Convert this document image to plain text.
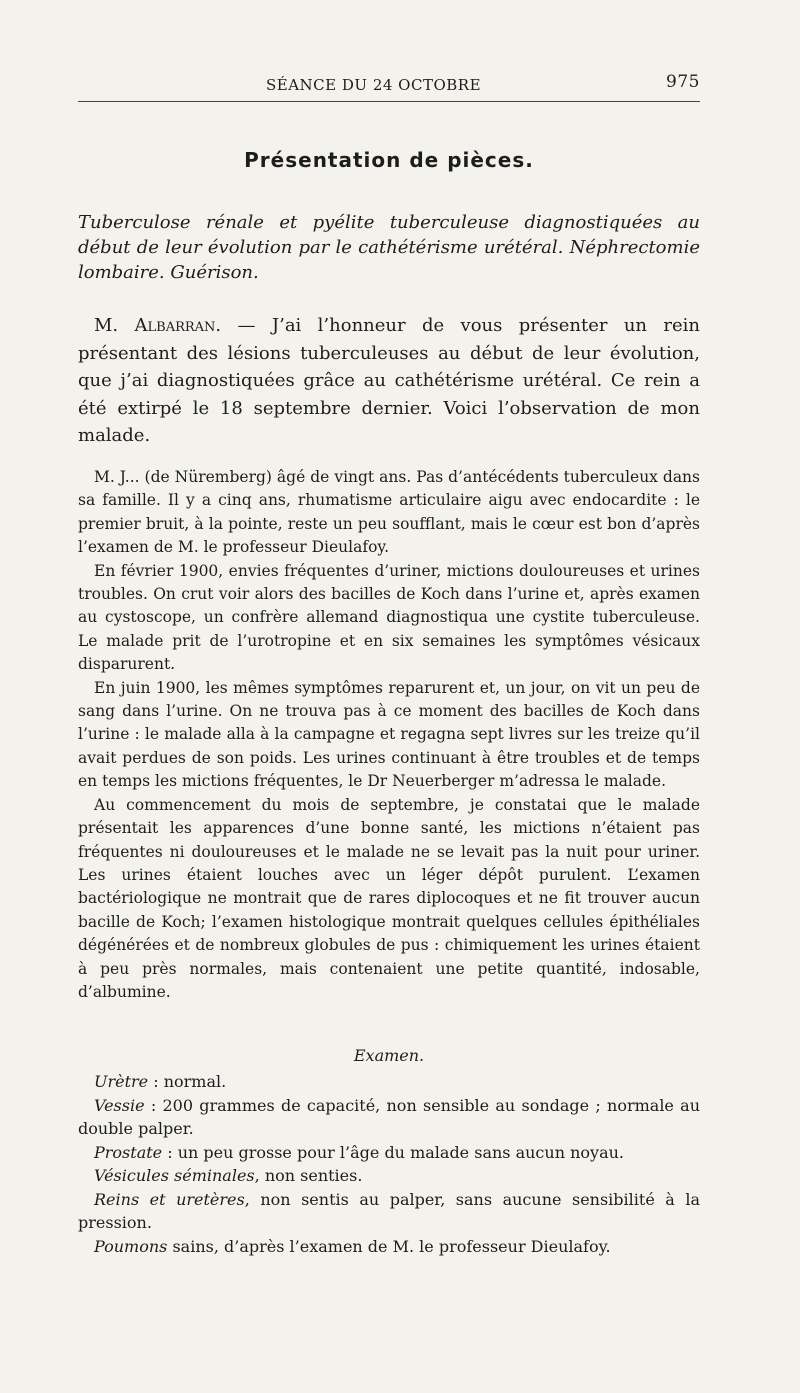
SÉANCE DU 24 OCTOBRE	975
Présentation de pièces.
Tuberculose rénale et pyélite tuberculeuse diagnostiquées au début de leur évolution par le cathétérisme urétéral. Néphrectomie lombaire. Guérison.
M. Albarran. — J’ai l’honneur de vous présenter un rein présentant des lésions tuberculeuses au début de leur évolution, que j’ai diagnostiquées grâce au cathétérisme urétéral. Ce rein a été extirpé le 18 septembre dernier. Voici l’observation de mon malade.

M. J... (de Nüremberg) âgé de vingt ans. Pas d’antécédents tuberculeux dans sa famille. Il y a cinq ans, rhumatisme articulaire aigu avec endocardite : le premier bruit, à la pointe, reste un peu soufflant, mais le cœur est bon d’après l’examen de M. le professeur Dieulafoy.

En février 1900, envies fréquentes d’uriner, mictions douloureuses et urines troubles. On crut voir alors des bacilles de Koch dans l’urine et, après examen au cystoscope, un confrère allemand diagnostiqua une cystite tuberculeuse. Le malade prit de l’urotropine et en six semaines les symptômes vésicaux disparurent.

En juin 1900, les mêmes symptômes reparurent et, un jour, on vit un peu de sang dans l’urine. On ne trouva pas à ce moment des bacilles de Koch dans l’urine : le malade alla à la campagne et regagna sept livres sur les treize qu’il avait perdues de son poids. Les urines continuant à être troubles et de temps en temps les mictions fréquentes, le Dr Neuerberger m’adressa le malade.

Au commencement du mois de septembre, je constatai que le malade présentait les apparences d’une bonne santé, les mictions n’étaient pas fréquentes ni douloureuses et le malade ne se levait pas la nuit pour uriner. Les urines étaient louches avec un léger dépôt purulent. L’examen bactériologique ne montrait que de rares diplocoques et ne fit trouver aucun bacille de Koch; l’examen histologique montrait quelques cellules épithéliales dégénérées et de nombreux globules de pus : chimiquement les urines étaient à peu près normales, mais contenaient une petite quantité, indosable, d’albumine.

Examen.

Urètre : normal.

Vessie : 200 grammes de capacité, non sensible au sondage ; normale au double palper.

Prostate : un peu grosse pour l’âge du malade sans aucun noyau.

Vésicules séminales, non senties.

Reins et uretères, non sentis au palper, sans aucune sensibilité à la pression.

Poumons sains, d’après l’examen de M. le professeur Dieulafoy.
